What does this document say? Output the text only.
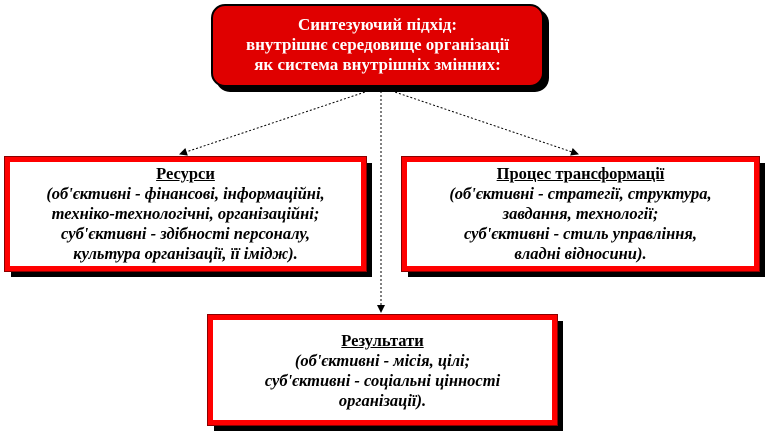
Синтезуючий підхід:
внутрішнє середовище організації
як система внутрішніх змінних:
Ресурси
(об'єктивні - фінансові, інформаційні,
техніко-технологічні, організаційні;
суб'єктивні - здібності персоналу,
культура організації, її імідж).
Процес трансформації
(об'єктивні - стратегії, структура,
завдання, технології;
суб'єктивні - стиль управління,
владні відносини).
Результати
(об'єктивні - місія, цілі;
суб'єктивні - соціальні цінності
організації).
